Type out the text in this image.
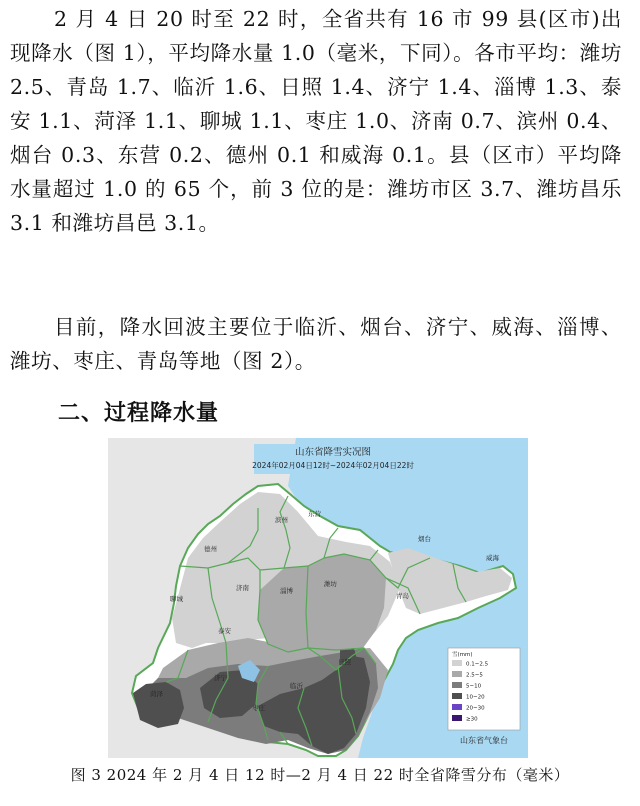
2 月 4 日 20 时至 22 时，全省共有 16 市 99 县(区市)出现降水（图 1），平均降水量 1.0（毫米，下同）。各市平均：潍坊 2.5、青岛 1.7、临沂 1.6、日照 1.4、济宁 1.4、淄博 1.3、泰安 1.1、菏泽 1.1、聊城 1.1、枣庄 1.0、济南 0.7、滨州 0.4、烟台 0.3、东营 0.2、德州 0.1 和威海 0.1。县（区市）平均降水量超过 1.0 的 65 个，前 3 位的是：潍坊市区 3.7、潍坊昌乐 3.1 和潍坊昌邑 3.1。

目前，降水回波主要位于临沂、烟台、济宁、威海、淄博、潍坊、枣庄、青岛等地（图 2）。

二、过程降水量
山东省降雪实况图
2024年02月04日12时~2024年02月04日22时
滨州
东营
德州
烟台
威海
聊城
济南	淄博
潍坊
青岛
泰安
日照
菏泽
济宁
临沂
枣庄
雪(mm)
0.1~2.5
2.5~5
5~10
10~20
20~30
≥30
山东省气象台
图 3 2024 年 2 月 4 日 12 时—2 月 4 日 22 时全省降雪分布（毫米）
